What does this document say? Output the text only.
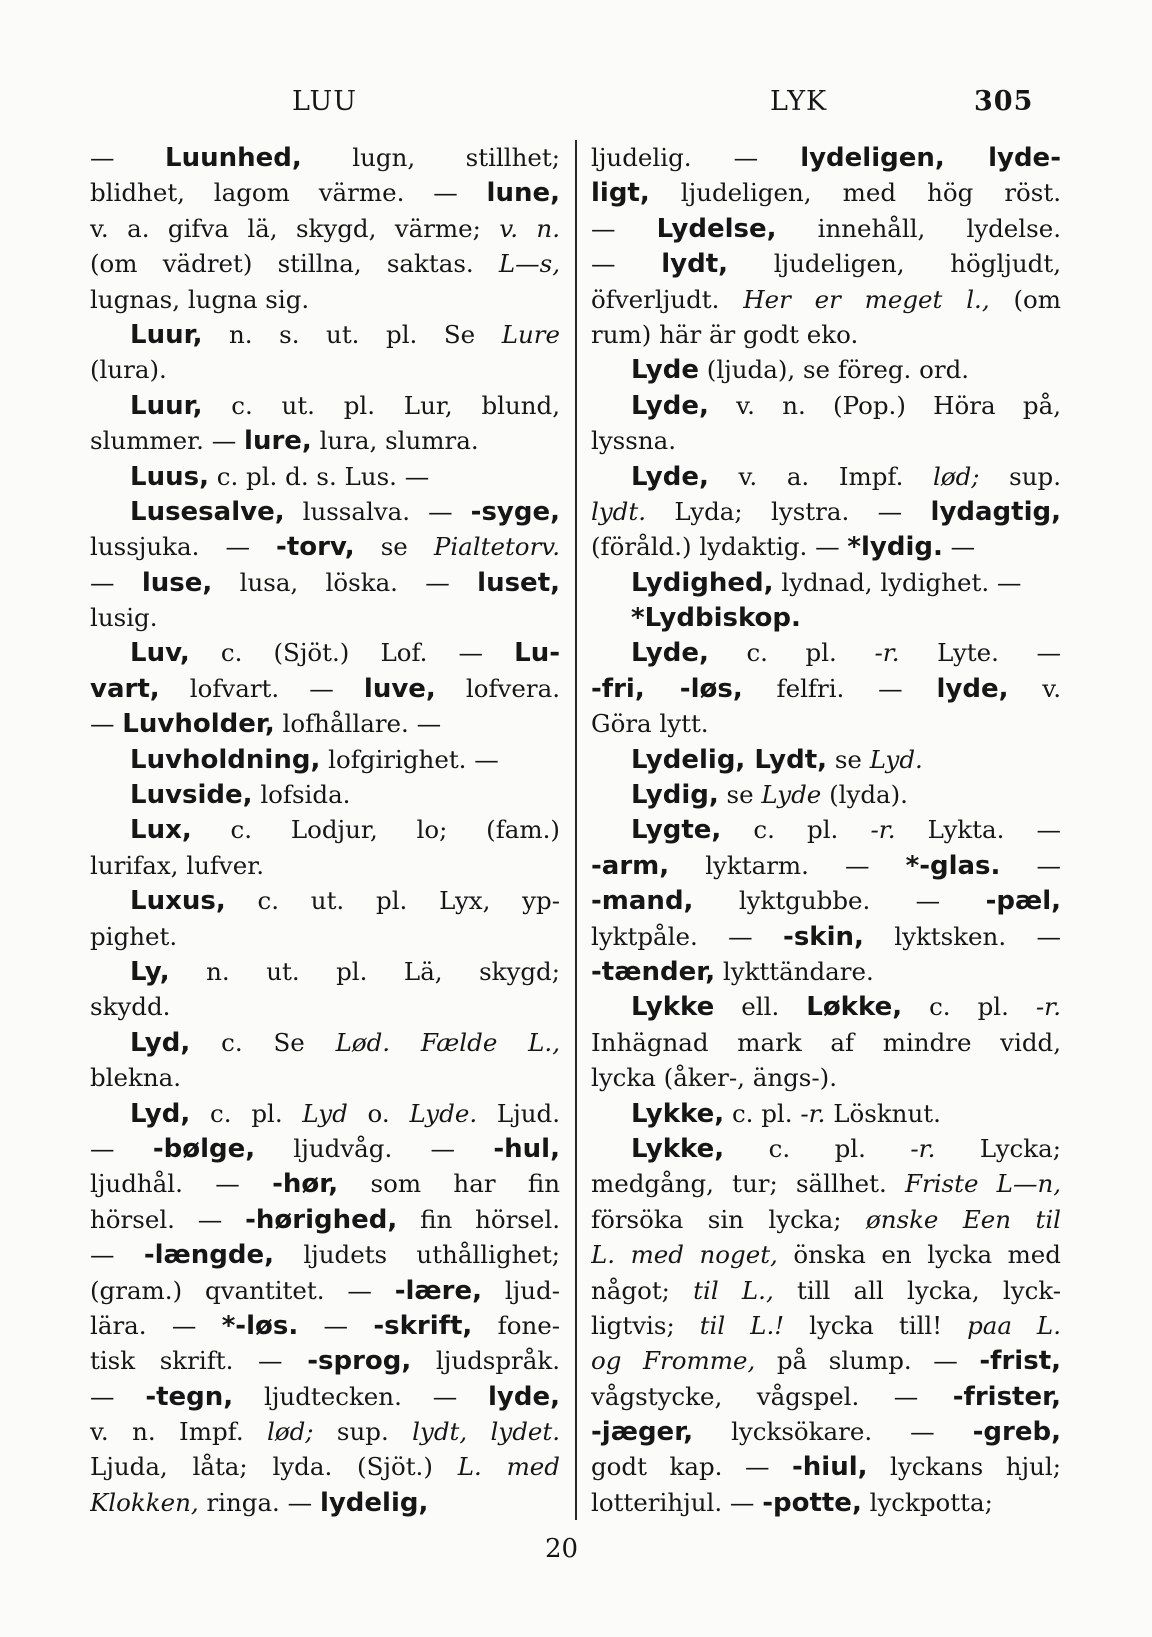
LUU	LYK	305
— Luunhed, lugn, stillhet;
blidhet, lagom värme. — lune,
v. a. gifva lä, skygd, värme; v. n.
(om vädret) stillna, saktas. L—s,
lugnas, lugna sig.
Luur, n. s. ut. pl. Se Lure
(lura).
Luur, c. ut. pl. Lur, blund,
slummer. — lure, lura, slumra.
Luus, c. pl. d. s. Lus. —
Lusesalve, lussalva. — -syge,
lussjuka. — -torv, se Pialtetorv.
— luse, lusa, löska. — luset,
lusig.
Luv, c. (Sjöt.) Lof. — Lu-
vart, lofvart. — luve, lofvera.
— Luvholder, lofhållare. —
Luvholdning, lofgirighet. —
Luvside, lofsida.
Lux, c. Lodjur, lo; (fam.)
lurifax, lufver.
Luxus, c. ut. pl. Lyx, yp-
pighet.
Ly, n. ut. pl. Lä, skygd;
skydd.
Lyd, c. Se Lød. Fælde L.,
blekna.
Lyd, c. pl. Lyd o. Lyde. Ljud.
— -bølge, ljudvåg. — -hul,
ljudhål. — -hør, som har fin
hörsel. — -hørighed, fin hörsel.
— -længde, ljudets uthållighet;
(gram.) qvantitet. — -lære, ljud-
lära. — *-løs. — -skrift, fone-
tisk skrift. — -sprog, ljudspråk.
— -tegn, ljudtecken. — lyde,
v. n. Impf. lød; sup. lydt, lydet.
Ljuda, låta; lyda. (Sjöt.) L. med
Klokken, ringa. — lydelig,
ljudelig. — lydeligen, lyde-
ligt, ljudeligen, med hög röst.
— Lydelse, innehåll, lydelse.
— lydt, ljudeligen, högljudt,
öfverljudt. Her er meget l., (om
rum) här är godt eko.
Lyde (ljuda), se föreg. ord.
Lyde, v. n. (Pop.) Höra på,
lyssna.
Lyde, v. a. Impf. lød; sup.
lydt. Lyda; lystra. — lydagtig,
(föråld.) lydaktig. — *lydig. —
Lydighed, lydnad, lydighet. —
*Lydbiskop.
Lyde, c. pl. -r. Lyte. —
-fri, -løs, felfri. — lyde, v.
Göra lytt.
Lydelig, Lydt, se Lyd.
Lydig, se Lyde (lyda).
Lygte, c. pl. -r. Lykta. —
-arm, lyktarm. — *-glas. —
-mand, lyktgubbe. — -pæl,
lyktpåle. — -skin, lyktsken. —
-tænder, lykttändare.
Lykke ell. Løkke, c. pl. -r.
Inhägnad mark af mindre vidd,
lycka (åker-, ängs-).
Lykke, c. pl. -r. Lösknut.
Lykke, c. pl. -r. Lycka;
medgång, tur; sällhet. Friste L—n,
försöka sin lycka; ønske Een til
L. med noget, önska en lycka med
något; til L., till all lycka, lyck-
ligtvis; til L.! lycka till! paa L.
og Fromme, på slump. — -frist,
vågstycke, vågspel. — -frister,
-jæger, lycksökare. — -greb,
godt kap. — -hiul, lyckans hjul;
lotterihjul. — -potte, lyckpotta;
20
